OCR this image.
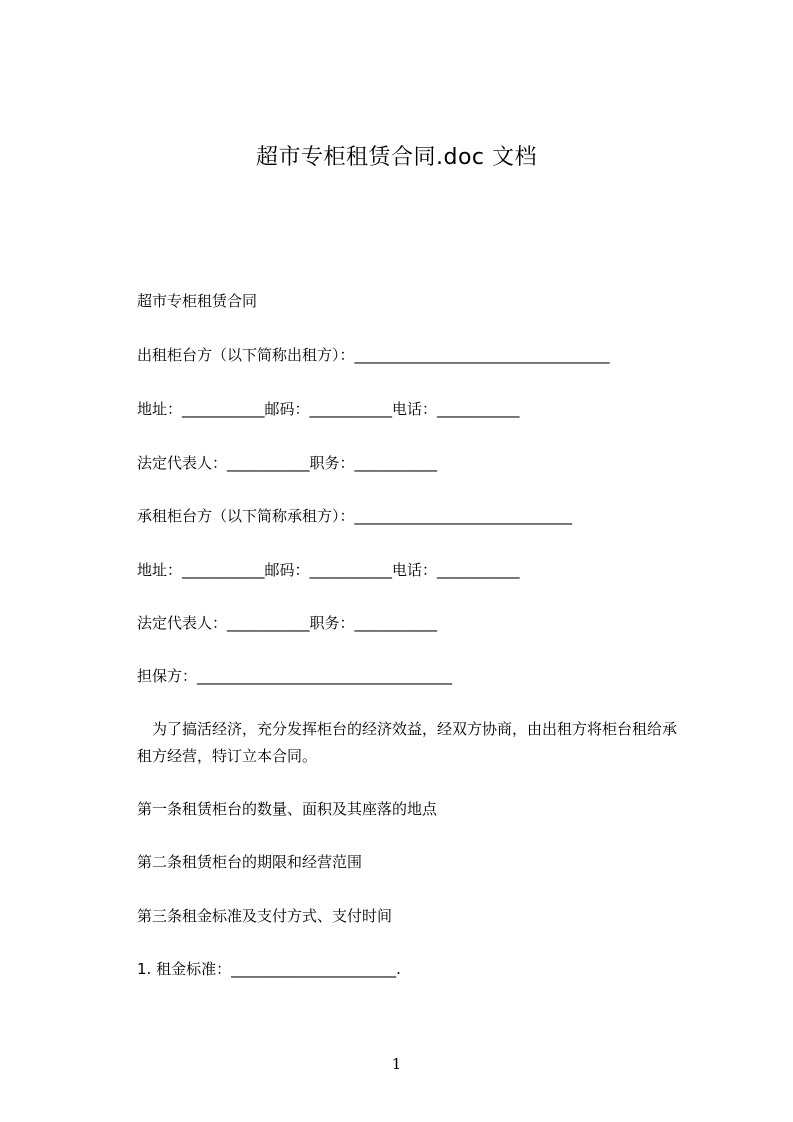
超市专柜租赁合同.doc 文档
超市专柜租赁合同
出租柜台方（以下简称出租方）：__________________________________
地址：___________邮码：___________电话：___________
法定代表人：___________职务：___________
承租柜台方（以下简称承租方）：_____________________________
地址：___________邮码：___________电话：___________
法定代表人：___________职务：___________
担保方：__________________________________
　为了搞活经济，充分发挥柜台的经济效益，经双方协商，由出租方将柜台租给承
租方经营，特订立本合同。
第一条租赁柜台的数量、面积及其座落的地点
第二条租赁柜台的期限和经营范围
第三条租金标准及支付方式、支付时间
1. 租金标准：______________________.
1
